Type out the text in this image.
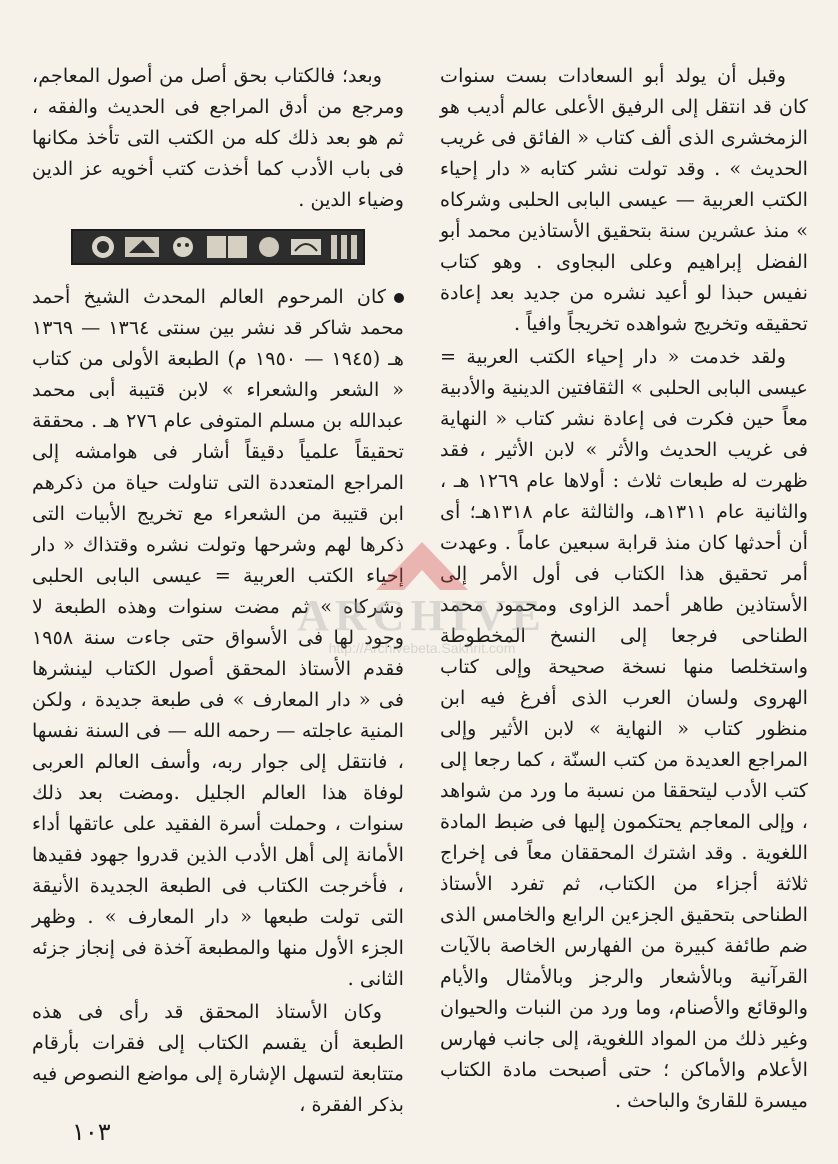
وقبل أن يولد أبو السعادات بست سنوات كان قد انتقل إلى الرفيق الأعلى عالم أديب هو الزمخشرى الذى ألف كتاب « الفائق فى غريب الحديث » . وقد تولت نشر كتابه « دار إحياء الكتب العربية — عيسى البابى الحلبى وشركاه » منذ عشرين سنة بتحقيق الأستاذين محمد أبو الفضل إبراهيم وعلى البجاوى . وهو كتاب نفيس حبذا لو أعيد نشره من جديد بعد إعادة تحقيقه وتخريج شواهده تخريجاً وافياً .

ولقد خدمت « دار إحياء الكتب العربية = عيسى البابى الحلبى » الثقافتين الدينية والأدبية معاً حين فكرت فى إعادة نشر كتاب « النهاية فى غريب الحديث والأثر » لابن الأثير ، فقد ظهرت له طبعات ثلاث : أولاها عام ١٢٦٩ هـ ، والثانية عام ١٣١١هـ، والثالثة عام ١٣١٨هـ؛ أى أن أحدثها كان منذ قرابة سبعين عاماً . وعهدت أمر تحقيق هذا الكتاب فى أول الأمر إلى الأستاذين طاهر أحمد الزاوى ومحمود محمد الطناحى فرجعا إلى النسخ المخطوطة واستخلصا منها نسخة صحيحة وإلى كتاب الهروى ولسان العرب الذى أفرغ فيه ابن منظور كتاب « النهاية » لابن الأثير وإلى المراجع العديدة من كتب السنّة ، كما رجعا إلى كتب الأدب ليتحققا من نسبة ما ورد من شواهد ، وإلى المعاجم يحتكمون إليها فى ضبط المادة اللغوية . وقد اشترك المحققان معاً فى إخراج ثلاثة أجزاء من الكتاب، ثم تفرد الأستاذ الطناحى بتحقيق الجزءين الرابع والخامس الذى ضم طائفة كبيرة من الفهارس الخاصة بالآيات القرآنية وبالأشعار والرجز وبالأمثال والأيام والوقائع والأصنام، وما ورد من النبات والحيوان وغير ذلك من المواد اللغوية، إلى جانب فهارس الأعلام والأماكن ؛ حتى أصبحت مادة الكتاب ميسرة للقارئ والباحث .

وبعد؛ فالكتاب بحق أصل من أصول المعاجم، ومرجع من أدق المراجع فى الحديث والفقه ، ثم هو بعد ذلك كله من الكتب التى تأخذ مكانها فى باب الأدب كما أخذت كتب أخويه عز الدين وضياء الدين .

كان المرحوم العالم المحدث الشيخ أحمد محمد شاكر قد نشر بين سنتى ١٣٦٤ — ١٣٦٩ هـ (١٩٤٥ — ١٩٥٠ م) الطبعة الأولى من كتاب « الشعر والشعراء » لابن قتيبة أبى محمد عبدالله بن مسلم المتوفى عام ٢٧٦ هـ . محققة تحقيقاً علمياً دقيقاً أشار فى هوامشه إلى المراجع المتعددة التى تناولت حياة من ذكرهم ابن قتيبة من الشعراء مع تخريج الأبيات التى ذكرها لهم وشرحها وتولت نشره وقتذاك « دار إحياء الكتب العربية = عيسى البابى الحلبى وشركاه » ثم مضت سنوات وهذه الطبعة لا وجود لها فى الأسواق حتى جاءت سنة ١٩٥٨ فقدم الأستاذ المحقق أصول الكتاب لينشرها فى « دار المعارف » فى طبعة جديدة ، ولكن المنية عاجلته — رحمه الله — فى السنة نفسها ، فانتقل إلى جوار ربه، وأسف العالم العربى لوفاة هذا العالم الجليل .ومضت بعد ذلك سنوات ، وحملت أسرة الفقيد على عاتقها أداء الأمانة إلى أهل الأدب الذين قدروا جهود فقيدها ، فأخرجت الكتاب فى الطبعة الجديدة الأنيقة التى تولت طبعها « دار المعارف » . وظهر الجزء الأول منها والمطبعة آخذة فى إنجاز جزئه الثانى .

وكان الأستاذ المحقق قد رأى فى هذه الطبعة أن يقسم الكتاب إلى فقرات بأرقام متتابعة لتسهل الإشارة إلى مواضع النصوص فيه بذكر الفقرة ،

ARCHIVE
http://Archivebeta.Sakhrit.com
١٠٣
